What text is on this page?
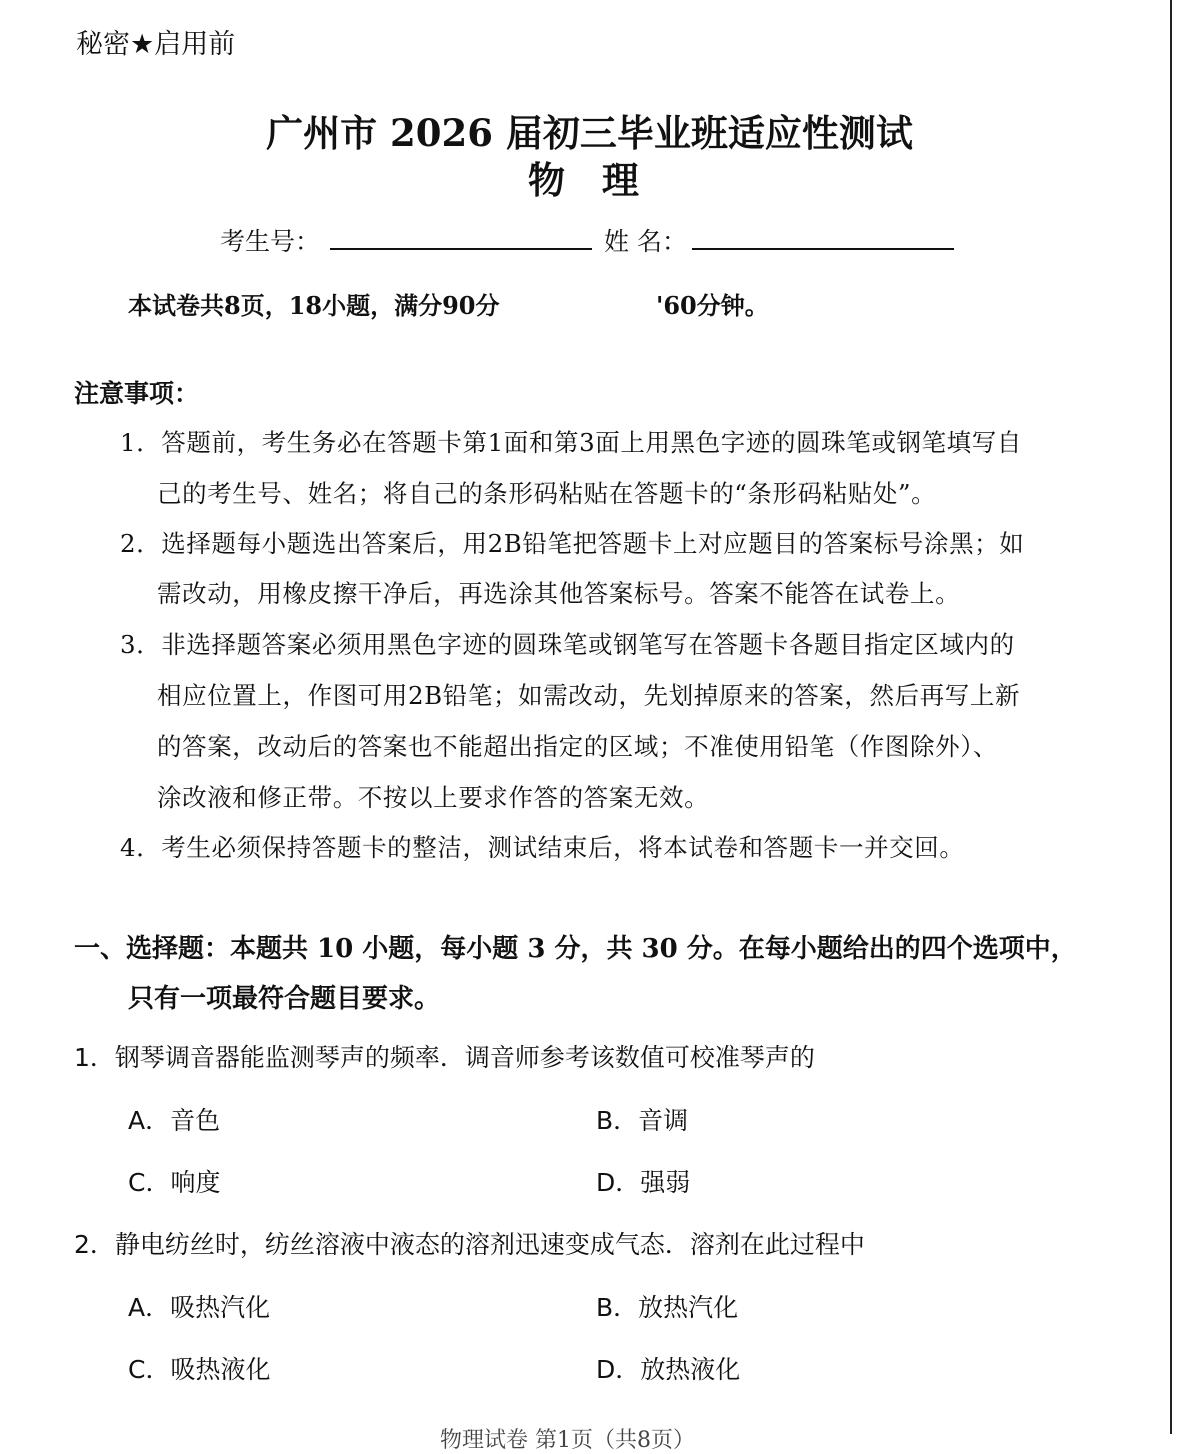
秘密★启用前
广州市 2026 届初三毕业班适应性测试
物 理
考生号：	姓 名：
本试卷共8页，18小题，满分90分	'60分钟。
注意事项：
1．答题前，考生务必在答题卡第1面和第3面上用黑色字迹的圆珠笔或钢笔填写自
己的考生号、姓名；将自己的条形码粘贴在答题卡的“条形码粘贴处”。
2．选择题每小题选出答案后，用2B铅笔把答题卡上对应题目的答案标号涂黑；如
需改动，用橡皮擦干净后，再选涂其他答案标号。答案不能答在试卷上。
3．非选择题答案必须用黑色字迹的圆珠笔或钢笔写在答题卡各题目指定区域内的
相应位置上，作图可用2B铅笔；如需改动，先划掉原来的答案，然后再写上新
的答案，改动后的答案也不能超出指定的区域；不准使用铅笔（作图除外）、
涂改液和修正带。不按以上要求作答的答案无效。
4．考生必须保持答题卡的整洁，测试结束后，将本试卷和答题卡一并交回。
一、选择题：本题共 10 小题，每小题 3 分，共 30 分。在每小题给出的四个选项中，
只有一项最符合题目要求。
1．钢琴调音器能监测琴声的频率．调音师参考该数值可校准琴声的
A．音色	B．音调
C．响度	D．强弱
2．静电纺丝时，纺丝溶液中液态的溶剂迅速变成气态．溶剂在此过程中
A．吸热汽化	B．放热汽化
C．吸热液化	D．放热液化
物理试卷 第1页（共8页）
